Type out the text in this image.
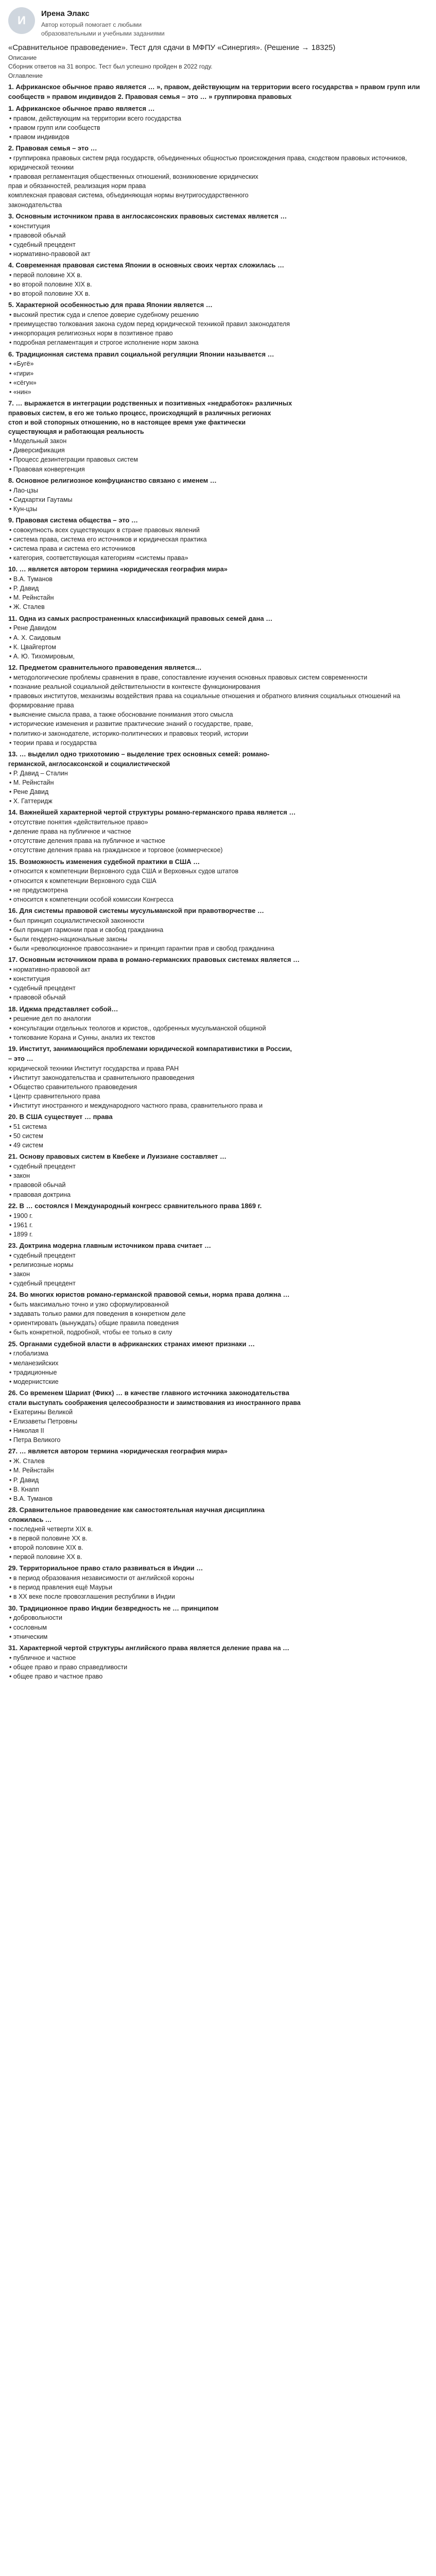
И
Ирена Элакс
Автор который помогает с любыми образовательными и учебными заданиями
«Сравнительное правоведение». Тест для сдачи в МФПУ «Синергия». (Решение → 18325)
Описание
Сборник ответов на 31 вопрос. Тест был успешно пройден в 2022 году.
Оглавление
1. Африканское обычное право является … », правом, действующим на территории всего государства » правом групп или сообществ » правом индивидов 2. Правовая семья – это … » группировка правовых
1. Африканское обычное право является …
• правом, действующим на территории всего государства
• правом групп или сообществ
• правом индивидов
2. Правовая семья – это …
• группировка правовых систем ряда государств, объединенных общностью происхождения права, сходством правовых источников, юридической техники
• правовая регламентация общественных отношений, возникновение юридических
прав и обязанностей, реализация норм права
комплексная правовая система, объединяющая нормы внутригосударственного
законодательства
3. Основным источником права в англосаксонских правовых системах является …
• конституция
• правовой обычай
• судебный прецедент
• нормативно-правовой акт
4. Современная правовая система Японии в основных своих чертах сложилась …
• первой половине XX в.
• во второй половине XIX в.
• во второй половине XX в.
5. Характерной особенностью для права Японии является …
• высокий престиж суда и слепое доверие судебному решению
• преимущество толкования закона судом перед юридической техникой правил законодателя
• инкорпорация религиозных норм в позитивное право
• подробная регламентация и строгое исполнение норм закона
6. Традиционная система правил социальной регуляции Японии называется …
• «Бугё»
• «гири»
• «сёгун»
• «нин»
7. … выражается в интеграции родственных и позитивных «недработок» различных
правовых систем, в его же только процесс, происходящий в различных регионах
стоп и вой стопорных отношению, но в настоящее время уже фактически
существующая и работающая реальность
• Модельный закон
• Диверсификация
• Процесс дезинтеграции правовых систем
• Правовая конвергенция
8. Основное религиозное конфуцианство связано с именем …
• Лао-цзы
• Сидхартхи Гаутамы
• Кун-цзы
9. Правовая система общества – это …
• совокупность всех существующих в стране правовых явлений
• система права, система его источников и юридическая практика
• система права и система его источников
• категория, соответствующая категориям «системы права»
10. … является автором термина «юридическая география мира»
• В.А. Туманов
• Р. Давид
• М. Рейнстайн
• Ж. Сталев
11. Одна из самых распространенных классификаций правовых семей дана …
• Рене Давидом
• А. Х. Саидовым
• К. Цвайгертом
• А. Ю. Тихомировым,
12. Предметом сравнительного правоведения является…
• методологические проблемы сравнения в праве, сопоставление изучения основных правовых систем современности
• познание реальной социальной действительности в контексте функционирования
• правовых институтов, механизмы воздействия права на социальные отношения и обратного влияния социальных отношений на формирование права
• выяснение смысла права, а также обоснование понимания этого смысла
• исторические изменения и развитие практические знаний о государстве, праве,
• политико-и законодателе, историко-политических и правовых теорий, истории
• теории права и государства
13. … выделил одно трихотомию – выделение трех основных семей: романо-
германской, англосаксонской и социалистической
• Р. Давид – Сталин
• М. Рейнстайн
• Рене Давид
• Х. Гаттеридж
14. Важнейшей характерной чертой структуры романо-германского права является …
• отсутствие понятия «действительное право»
• деление права на публичное и частное
• отсутствие деления права на публичное и частное
• отсутствие деления права на гражданское и торговое (коммерческое)
15. Возможность изменения судебной практики в США …
• относится к компетенции Верховного суда США и Верховных судов штатов
• относится к компетенции Верховного суда США
• не предусмотрена
• относится к компетенции особой комиссии Конгресса
16. Для системы правовой системы мусульманской при правотворчестве …
• был принцип социалистической законности
• был принцип гармонии прав и свобод гражданина
• были гендерно-национальные законы
• были «революционное правосознание» и принцип гарантии прав и свобод гражданина
17. Основным источником права в романо-германских правовых системах является …
• нормативно-правовой акт
• конституция
• судебный прецедент
• правовой обычай
18. Иджма представляет собой…
• решение дел по аналогии
• консультации отдельных теологов и юристов,, одобренных мусульманской общиной
• толкование Корана и Сунны, анализ их текстов
19. Институт, занимающийся проблемами юридической компаративистики в России,
– это …
юридической техники Институт государства и права РАН
• Институт законодательства и сравнительного правоведения
• Общество сравнительного правоведения
• Центр сравнительного права
• Институт иностранного и международного частного права, сравнительного права и
20. В США существует … права
• 51 система
• 50 систем
• 49 систем
21. Основу правовых систем в Квебеке и Луизиане составляет …
• судебный прецедент
• закон
• правовой обычай
• правовая доктрина
22. В … состоялся I Международный конгресс сравнительного права 1869 г.
• 1900 г.
• 1961 г.
• 1899 г.
23. Доктрина модерна главным источником права считает …
• судебный прецедент
• религиозные нормы
• закон
• судебный прецедент
24. Во многих юристов романо-германской правовой семьи, норма права должна …
• быть максимально точно и узко сформулированной
• задавать только рамки для поведения в конкретном деле
• ориентировать (вынуждать) общие правила поведения
• быть конкретной, подробной, чтобы ее только в силу
25. Органами судебной власти в африканских странах имеют признаки …
• глобализма
• меланезийских
• традиционные
• модернистские
26. Со временем Шариат (Фикх) … в качестве главного источника законодательства
стали выступать соображения целесообразности и заимствования из иностранного права
• Екатерины Великой
• Елизаветы Петровны
• Николая II
• Петра Великого
27. … является автором термина «юридическая география мира»
• Ж. Сталев
• М. Рейнстайн
• Р. Давид
• В. Кнапп
• В.А. Туманов
28. Сравнительное правоведение как самостоятельная научная дисциплина
сложилась …
• последней четверти XIX в.
• в первой половине XX в.
• второй половине XIX в.
• первой половине XX в.
29. Территориальное право стало развиваться в Индии …
• в период образования независимости от английской короны
• в период правления ещё Маурьи
• в XX веке после провозглашения республики в Индии
30. Традиционное право Индии безвредность не … принципом
• добровольности
• сословным
• этническим
31. Характерной чертой структуры английского права является деление права на …
• публичное и частное
• общее право и право справедливости
• общее право и частное право
